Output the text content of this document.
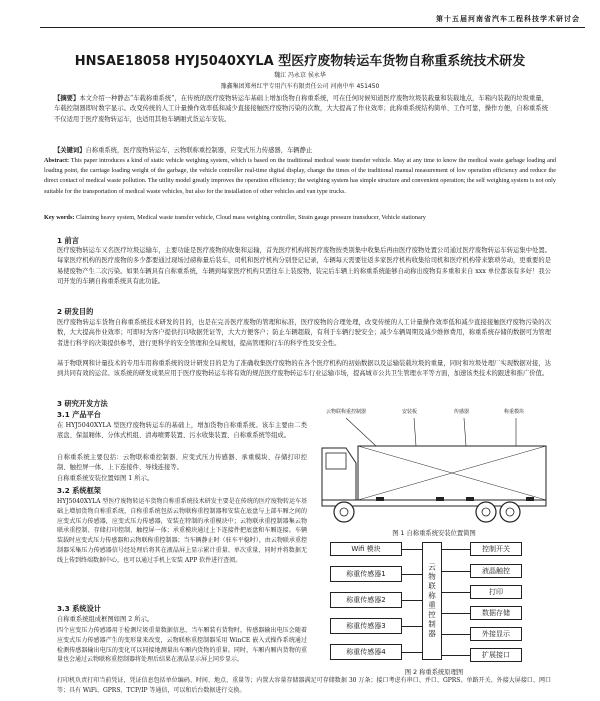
第十五届河南省汽车工程科技学术研讨会
HNSAE18058 HYJ5040XYLA 型医疗废物转运车货物自称重系统技术研发
魏江 冯永京 侯永华
豫鑫集团郑州红宇专用汽车有限责任公司 河南中牟 451450
【摘要】本文介绍一种静态“车载称重系统”，在传统的医疗废物转运车基础上增加货物自称重系统，可在任何时候知道医疗废物垃圾装载量和装载地点，车箱内装载的垃圾重量，车载控制器即时数字显示。改变传统的人工计量操作效率低和减少直接接触医疗废物污染的次数，大大提高了作业效率；此称重系统结构简单、工作可靠，操作方便，自称重系统不仅适用于医疗废物转运车，也适用其他车辆厢式货运车安装。
【关键词】自称重系统，医疗废物转运车，云物联称重控制器，应变式压力传感器，车辆静止
Abstract: This paper introduces a kind of static vehicle weighing system, which is based on the traditional medical waste transfer vehicle. May at any time to know the medical waste garbage loading and loading point, the carriage loading weight of the garbage, the vehicle controller real-time digital display, change the times of the traditional manual measurement of low operation efficiency and reduce the direct contact of medical waste pollution. The utility model greatly improves the operation efficiency; the weighing system has simple structure and convenient operation; the self weighing system is not only suitable for the transportation of medical waste vehicles, but also for the installation of other vehicles and van type trucks.
Key words: Claiming heavy system, Medical waste transfer vehicle, Cloud mass weighing controller, Strain gauge pressure transducer, Vehicle stationary
1 前言
医疗废物转运车又名医疗垃圾运输车，主要功能是医疗废物的收集和运输，首先医疗机构将医疗废物按类别集中收集后再由医疗废物处置公司通过医疗废物转运车转运集中处置。每家医疗机构的医疗废物的多少都要通过现场过磅称量后装车，司机和医疗机构分别登记记录，车辆每天需要往返多家医疗机构收集给司机和医疗机构带来繁琐劳动，更重要的是易使废物产生二次污染。如果车辆具有自称重系统，车辆到每家医疗机构只需往车上装废物，装完后车辆上的称重系统能够自动称出废物有多重和来自 xxx 单位都该有多好！我公司开发的车辆自称重系统具有此功能。
2 研发目的
医疗废物转运车货物自称重系统技术研发的目的，也是在完善医疗废物的管理和标准，医疗废物的合理处理，改变传统的人工计量操作效率低和减少直接接触医疗废物污染的次数，大大提高作业效率；可即时为客户提供打印收据凭证等，大大方便客户；防止车辆超载，有利于车辆行驶安全；减少车辆周期及减少维修费用，称重系统存储的数据可为管理者进行科学的决策提供参考，进行更科学的安全管理和全局规划，提高管理和行车的科学性及安全性。
基于物联网和计量技术的专用车用称重系统的设计研发目的是为了准确收集医疗废物的在各个医疗机构的初始数据以及运输装载垃圾的重量，同时和垃圾处理厂实现数据对接，达到共同有效的运营。该系统的研发成果应用于医疗废物转运车将有效的规范医疗废物转运车行业运输市场，提高城市公共卫生管理水平等方面，加速该类技术的跟进和推广价值。
3 研究开发方法
3.1 产品平台
在 HYJ5040XYLA 型医疗废物转运车的基础上，增加货物自称重系统。该车主要由二类底盘、保温厢体、分体式机组、清毒喷雾装置、污水收集装置、自称重系统等组成。
自称重系统主要包括：云物联称重控制器、应变式压力传感器、承重模块、存储打印控制、触控屏一体、上下连接件、导线连接等。
自称重系统安装位置如图 1 所示。
3.2 系统框架
HYJ5040XYLA 型医疗废物转运车货物自称重系统技术研发主要是在传统的医疗废物转运车基础上增加货物自称重系统，自称重系统包括云物联称重控制器和安装在底盘与上部车厢之间的应变式压力传感器，应变式压力传感器，安装在特制的承重模块中；云物联承重控制器集云物联承重控制、存储打印控制、触控屏一体；承重模块通过上下连接件把底盘和车厢连接。车辆装载时应变式压力传感器和云物联称重控制器；当车辆静止时（驻车平稳时），由云物联承重控制器采集压力传感器信号经处理后将其在液晶屏上显示累计重量、单次重量，同时并将数据无线上传到终端数据中心，也可以通过手机上安装 APP 软件进行查阅。
3.3 系统设计
自称重系统组成框图如图 2 所示。
四个应变压力传感器用于检测垃圾重量数据信息，当车厢装有货物时，传感器输出电压会随着应变式压力传感器产生的变形量来改变，云物联称重控制器采用 WinCE 嵌入式操作系统通过检测传感器输出电压的变化可以同接地测量出车厢内货物的重量。同时，车厢内厢内货物的重量也会通过云物联称重控制器将处理后结果在液晶显示屏上同步显示。
打印机负责打印当前凭证，凭证信息包括单位编码、时间、地点、重量等；内置大容量存储器满足可存储数据 30 万条；接口考虑有串口、并口、GPRS、单路开关、外接大屏接口、网口等；具有 WiFi、GPRS、TCP/IP 等通信，可以和后台数据进行交换。
云物联称重控制器	安装板	传感器	称重模块
图 1 自称重系统安装位置简图
Wifi 模块
称重传感器1
称重传感器2
称重传感器3
称重传感器4
云物联称重控制器
控制开关
液晶触控
打印
数据存储
外接显示
扩展接口
图 2 称重系统原理图
